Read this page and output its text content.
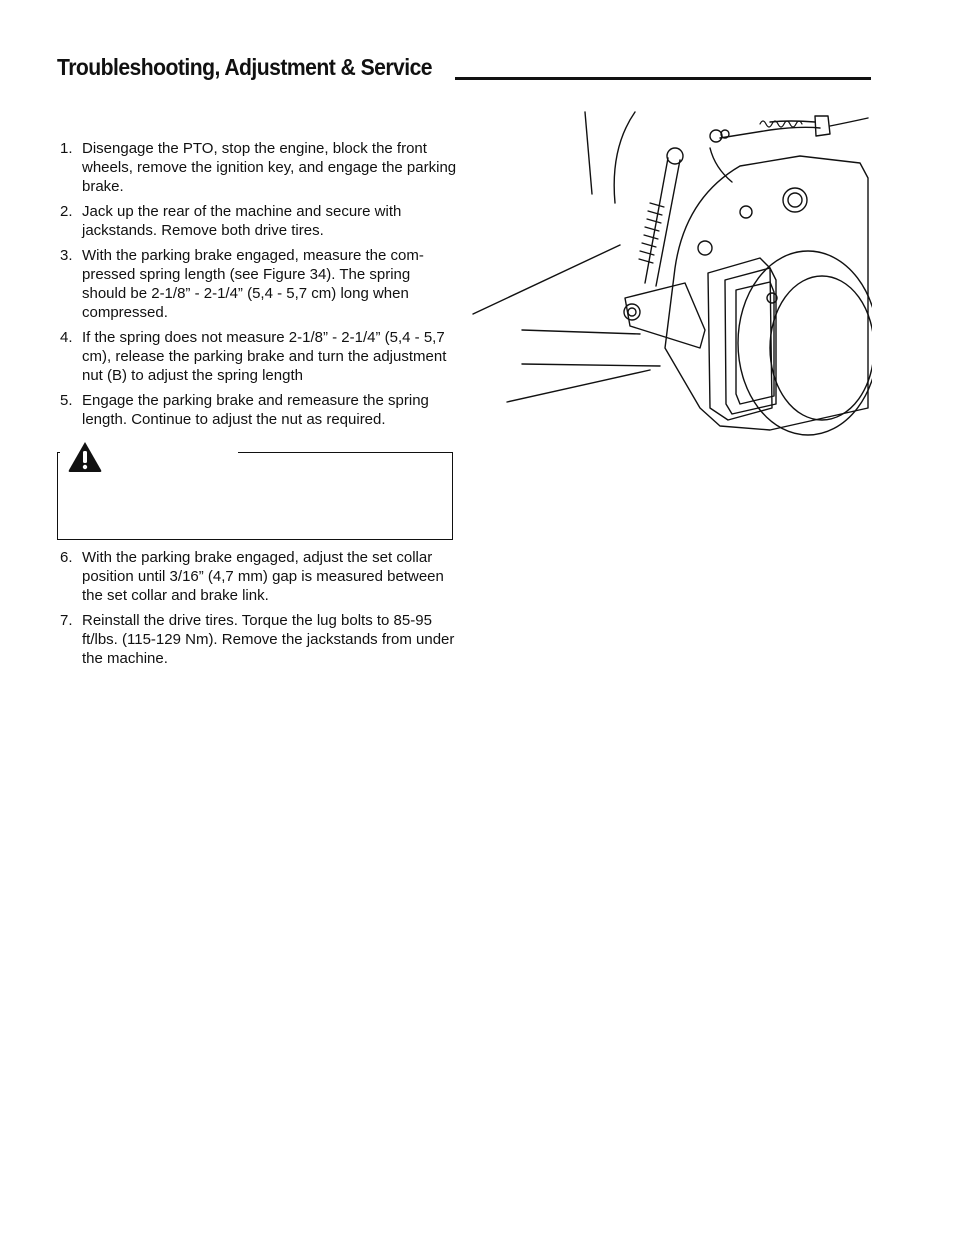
Troubleshooting, Adjustment & Service
1. Disengage the PTO, stop the engine, block the front wheels, remove the ignition key, and engage the parking brake.
2. Jack up the rear of the machine and secure with jackstands. Remove both drive tires.
3. With the parking brake engaged, measure the com-pressed spring length (see Figure 34). The spring should be 2-1/8” - 2-1/4” (5,4 - 5,7 cm) long when compressed.
4. If the spring does not measure 2-1/8” - 2-1/4” (5,4 - 5,7 cm), release the parking brake and turn the adjustment nut (B) to adjust the spring length
5. Engage the parking brake and remeasure the spring length. Continue to adjust the nut as required.
6. With the parking brake engaged, adjust the set collar position until 3/16” (4,7 mm) gap is measured between the set collar and brake link.
7. Reinstall the drive tires. Torque the lug bolts to 85-95 ft/lbs. (115-129 Nm). Remove the jackstands from under the machine.
